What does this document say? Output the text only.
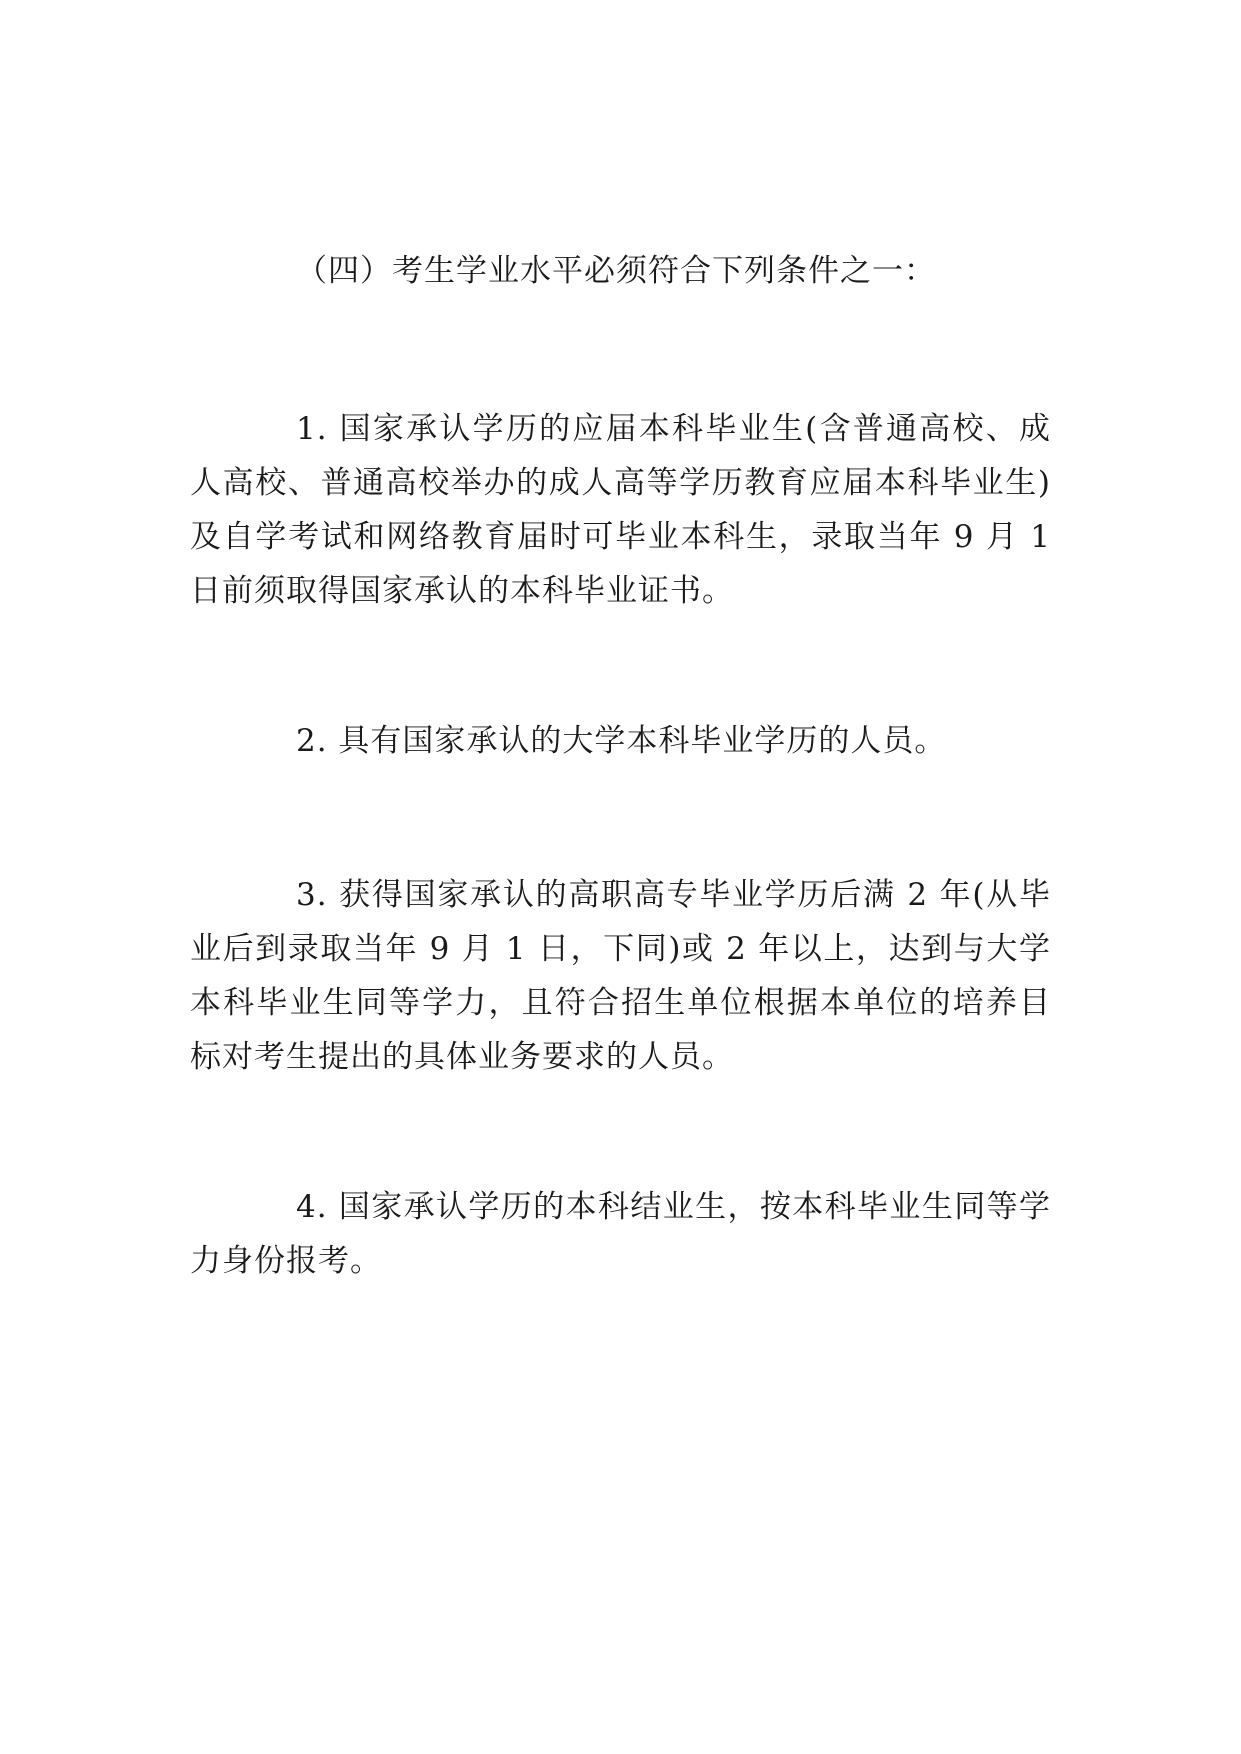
（四）考生学业水平必须符合下列条件之一：
1. 国家承认学历的应届本科毕业生(含普通高校、成
人高校、普通高校举办的成人高等学历教育应届本科毕业生)
及自学考试和网络教育届时可毕业本科生，录取当年 9 月 1
日前须取得国家承认的本科毕业证书。
2. 具有国家承认的大学本科毕业学历的人员。
3. 获得国家承认的高职高专毕业学历后满 2 年(从毕
业后到录取当年 9 月 1 日，下同)或 2 年以上，达到与大学
本科毕业生同等学力，且符合招生单位根据本单位的培养目
标对考生提出的具体业务要求的人员。
4. 国家承认学历的本科结业生，按本科毕业生同等学
力身份报考。
